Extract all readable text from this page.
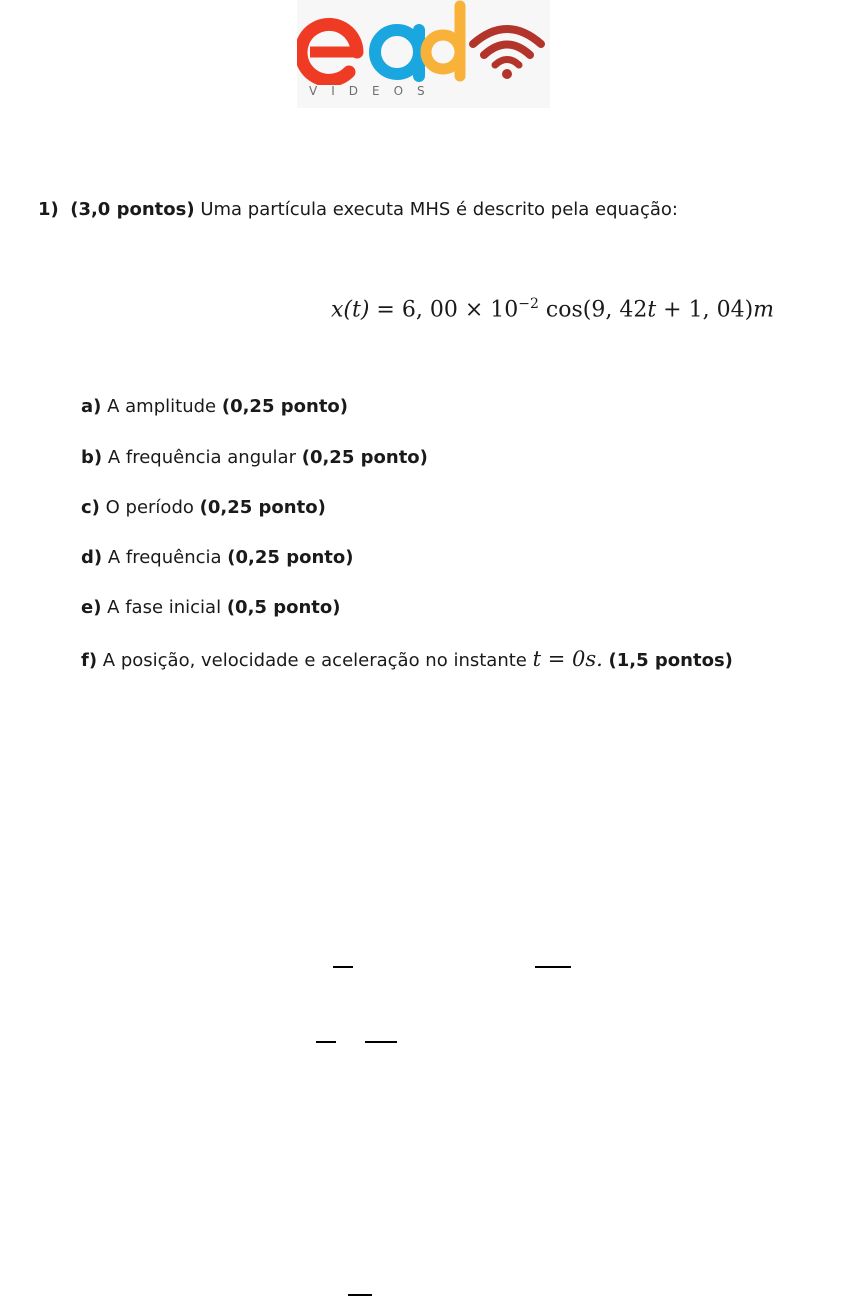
VÍDEOS
1) (3,0 pontos) Uma partícula executa MHS é descrito pela equação:
x(t) = 6, $00 \times 10^{-2}$ cos(9, 42t + 1, 04)m
a) A amplitude (0,25 ponto)
b) A frequência angular (0,25 ponto)
c) O período (0,25 ponto)
d) A frequência (0,25 ponto)
e) A fase inicial (0,5 ponto)
f) A posição, velocidade e aceleração no instante t = 0s. (1,5 pontos)
